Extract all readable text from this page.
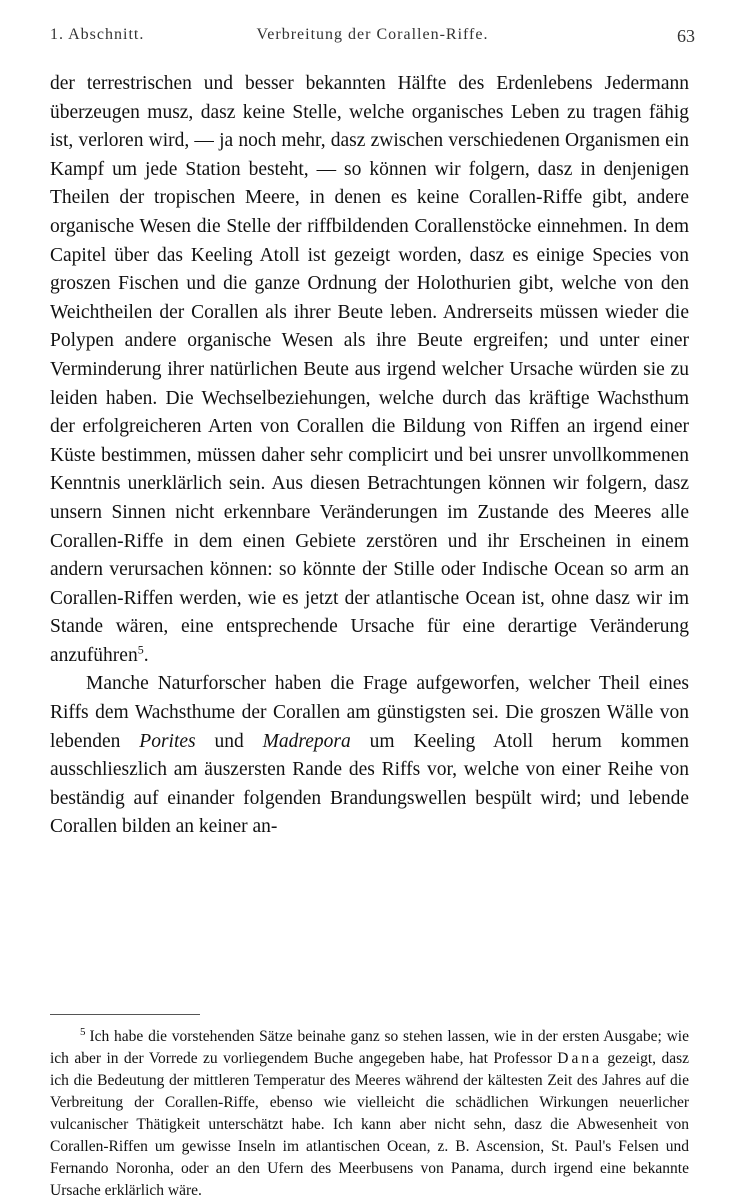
1. Abschnitt.	Verbreitung der Corallen-Riffe.	63

der terrestrischen und besser bekannten Hälfte des Erdenlebens Jedermann überzeugen musz, dasz keine Stelle, welche organisches Leben zu tragen fähig ist, verloren wird, — ja noch mehr, dasz zwischen verschiedenen Organismen ein Kampf um jede Station besteht, — so können wir folgern, dasz in denjenigen Theilen der tropischen Meere, in denen es keine Corallen-Riffe gibt, andere organische Wesen die Stelle der riffbildenden Corallenstöcke einnehmen. In dem Capitel über das Keeling Atoll ist gezeigt worden, dasz es einige Species von groszen Fischen und die ganze Ordnung der Holothurien gibt, welche von den Weichtheilen der Corallen als ihrer Beute leben. Andrerseits müssen wieder die Polypen andere organische Wesen als ihre Beute ergreifen; und unter einer Verminderung ihrer natürlichen Beute aus irgend welcher Ursache würden sie zu leiden haben. Die Wechselbeziehungen, welche durch das kräftige Wachsthum der erfolgreicheren Arten von Corallen die Bildung von Riffen an irgend einer Küste bestimmen, müssen daher sehr complicirt und bei unsrer unvollkommenen Kenntnis unerklärlich sein. Aus diesen Betrachtungen können wir folgern, dasz unsern Sinnen nicht erkennbare Veränderungen im Zustande des Meeres alle Corallen-Riffe in dem einen Gebiete zerstören und ihr Erscheinen in einem andern verursachen können: so könnte der Stille oder Indische Ocean so arm an Corallen-Riffen werden, wie es jetzt der atlantische Ocean ist, ohne dasz wir im Stande wären, eine entsprechende Ursache für eine derartige Veränderung anzuführen$^5$.

Manche Naturforscher haben die Frage aufgeworfen, welcher Theil eines Riffs dem Wachsthume der Corallen am günstigsten sei. Die groszen Wälle von lebenden Porites und Madrepora um Keeling Atoll herum kommen ausschlieszlich am äuszersten Rande des Riffs vor, welche von einer Reihe von beständig auf einander folgenden Brandungswellen bespült wird; und lebende Corallen bilden an keiner an-

$^5$ Ich habe die vorstehenden Sätze beinahe ganz so stehen lassen, wie in der ersten Ausgabe; wie ich aber in der Vorrede zu vorliegendem Buche angegeben habe, hat Professor Dana gezeigt, dasz ich die Bedeutung der mittleren Temperatur des Meeres während der kältesten Zeit des Jahres auf die Verbreitung der Corallen-Riffe, ebenso wie vielleicht die schädlichen Wirkungen neuerlicher vulcanischer Thätigkeit unterschätzt habe. Ich kann aber nicht sehn, dasz die Abwesenheit von Corallen-Riffen um gewisse Inseln im atlantischen Ocean, z. B. Ascension, St. Paul's Felsen und Fernando Noronha, oder an den Ufern des Meerbusens von Panama, durch irgend eine bekannte Ursache erklärlich wäre.
